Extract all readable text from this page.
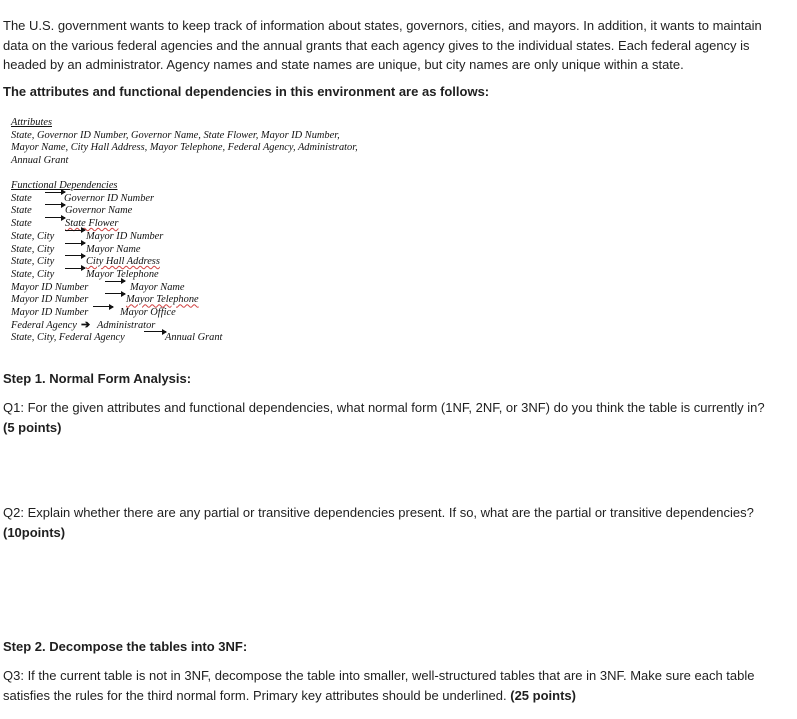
The U.S. government wants to keep track of information about states, governors, cities, and mayors. In addition, it wants to maintain data on the various federal agencies and the annual grants that each agency gives to the individual states. Each federal agency is headed by an administrator. Agency names and state names are unique, but city names are only unique within a state.

The attributes and functional dependencies in this environment are as follows:

Attributes
State, Governor ID Number, Governor Name, State Flower, Mayor ID Number,
Mayor Name, City Hall Address, Mayor Telephone, Federal Agency, Administrator,
Annual Grant
Functional Dependencies
State	Governor ID Number
State	Governor Name
State	State Flower
State, City	Mayor ID Number
State, City	Mayor Name
State, City	City Hall Address
State, City	Mayor Telephone
Mayor ID Number	Mayor Name
Mayor ID Number	Mayor Telephone
Mayor ID Number	Mayor Office
Federal Agency ➔ Administrator
State, City, Federal Agency	Annual Grant

Step 1. Normal Form Analysis:

Q1: For the given attributes and functional dependencies, what normal form (1NF, 2NF, or 3NF) do you think the table is currently in? (5 points)

Q2: Explain whether there are any partial or transitive dependencies present. If so, what are the partial or transitive dependencies? (10points)

Step 2. Decompose the tables into 3NF:

Q3: If the current table is not in 3NF, decompose the table into smaller, well-structured tables that are in 3NF. Make sure each table satisfies the rules for the third normal form. Primary key attributes should be underlined. (25 points)
